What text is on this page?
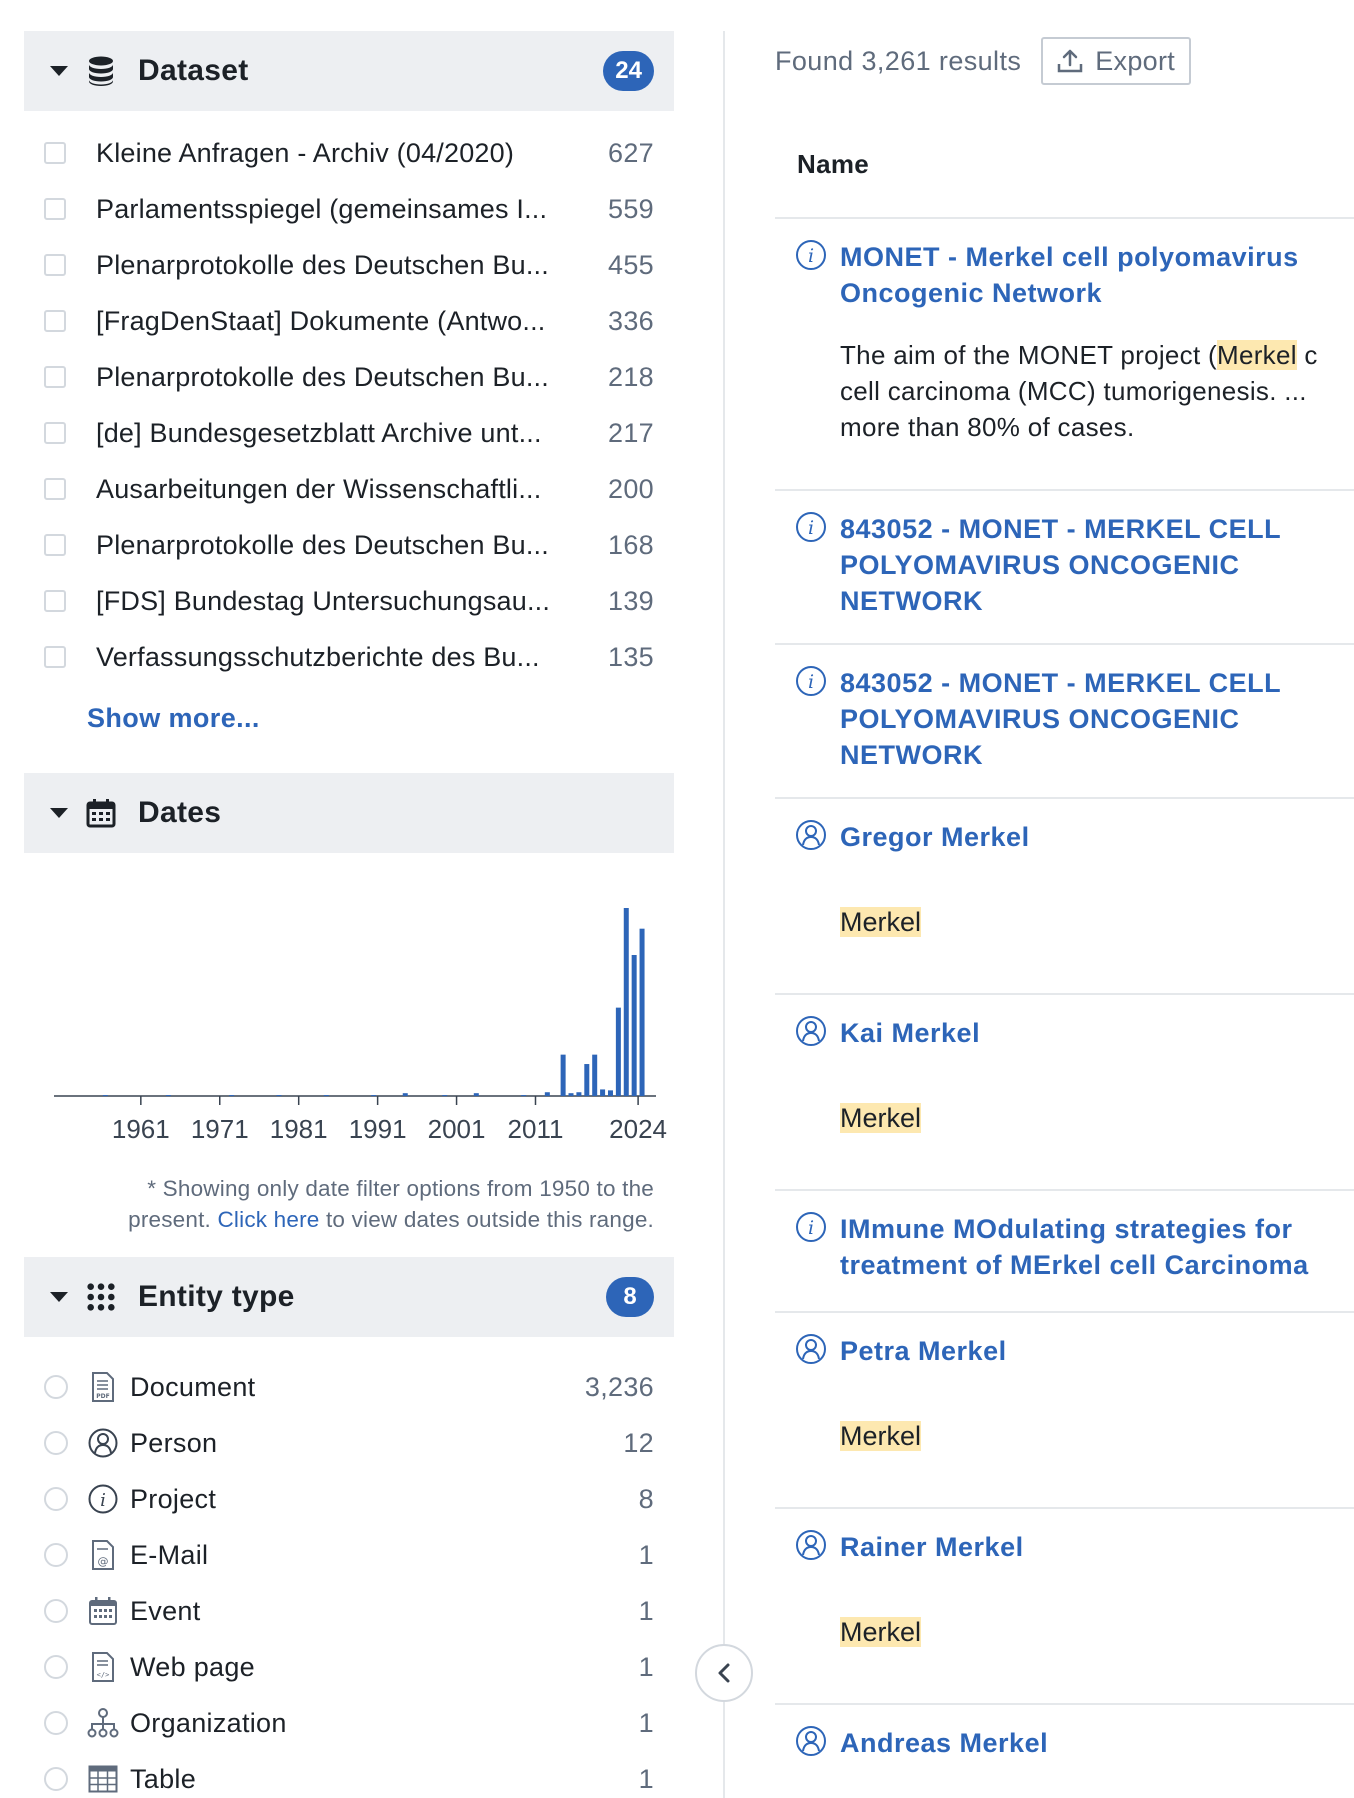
Dataset	24
Kleine Anfragen - Archiv (04/2020)	627
Parlamentsspiegel (gemeinsames I...	559
Plenarprotokolle des Deutschen Bu...	455
[FragDenStaat] Dokumente (Antwo...	336
Plenarprotokolle des Deutschen Bu...	218
[de] Bundesgesetzblatt Archive unt...	217
Ausarbeitungen der Wissenschaftli...	200
Plenarprotokolle des Deutschen Bu...	168
[FDS] Bundestag Untersuchungsau...	139
Verfassungsschutzberichte des Bu...	135
Show more...
Dates
1961 1971 1981 1991 2001 2011 2024
* Showing only date filter options from 1950 to the
present. Click here to view dates outside this range.
Entity type	8
PDF Document	3,236
Person	12
i Project	8
@ E-Mail	1
Event	1
</> Web page	1
Organization	1
Table	1
Found 3,261 results	Export
Name
i MONET - Merkel cell polyomavirus Oncogenic Network
The aim of the MONET project (Merkel c
cell carcinoma (MCC) tumorigenesis. ...
more than 80% of cases.
i 843052 - MONET - MERKEL CELL POLYOMAVIRUS ONCOGENIC NETWORK
i 843052 - MONET - MERKEL CELL POLYOMAVIRUS ONCOGENIC NETWORK
Gregor Merkel
Merkel
Kai Merkel
Merkel
i IMmune MOdulating strategies for treatment of MErkel cell Carcinoma
Petra Merkel
Merkel
Rainer Merkel
Merkel
Andreas Merkel
